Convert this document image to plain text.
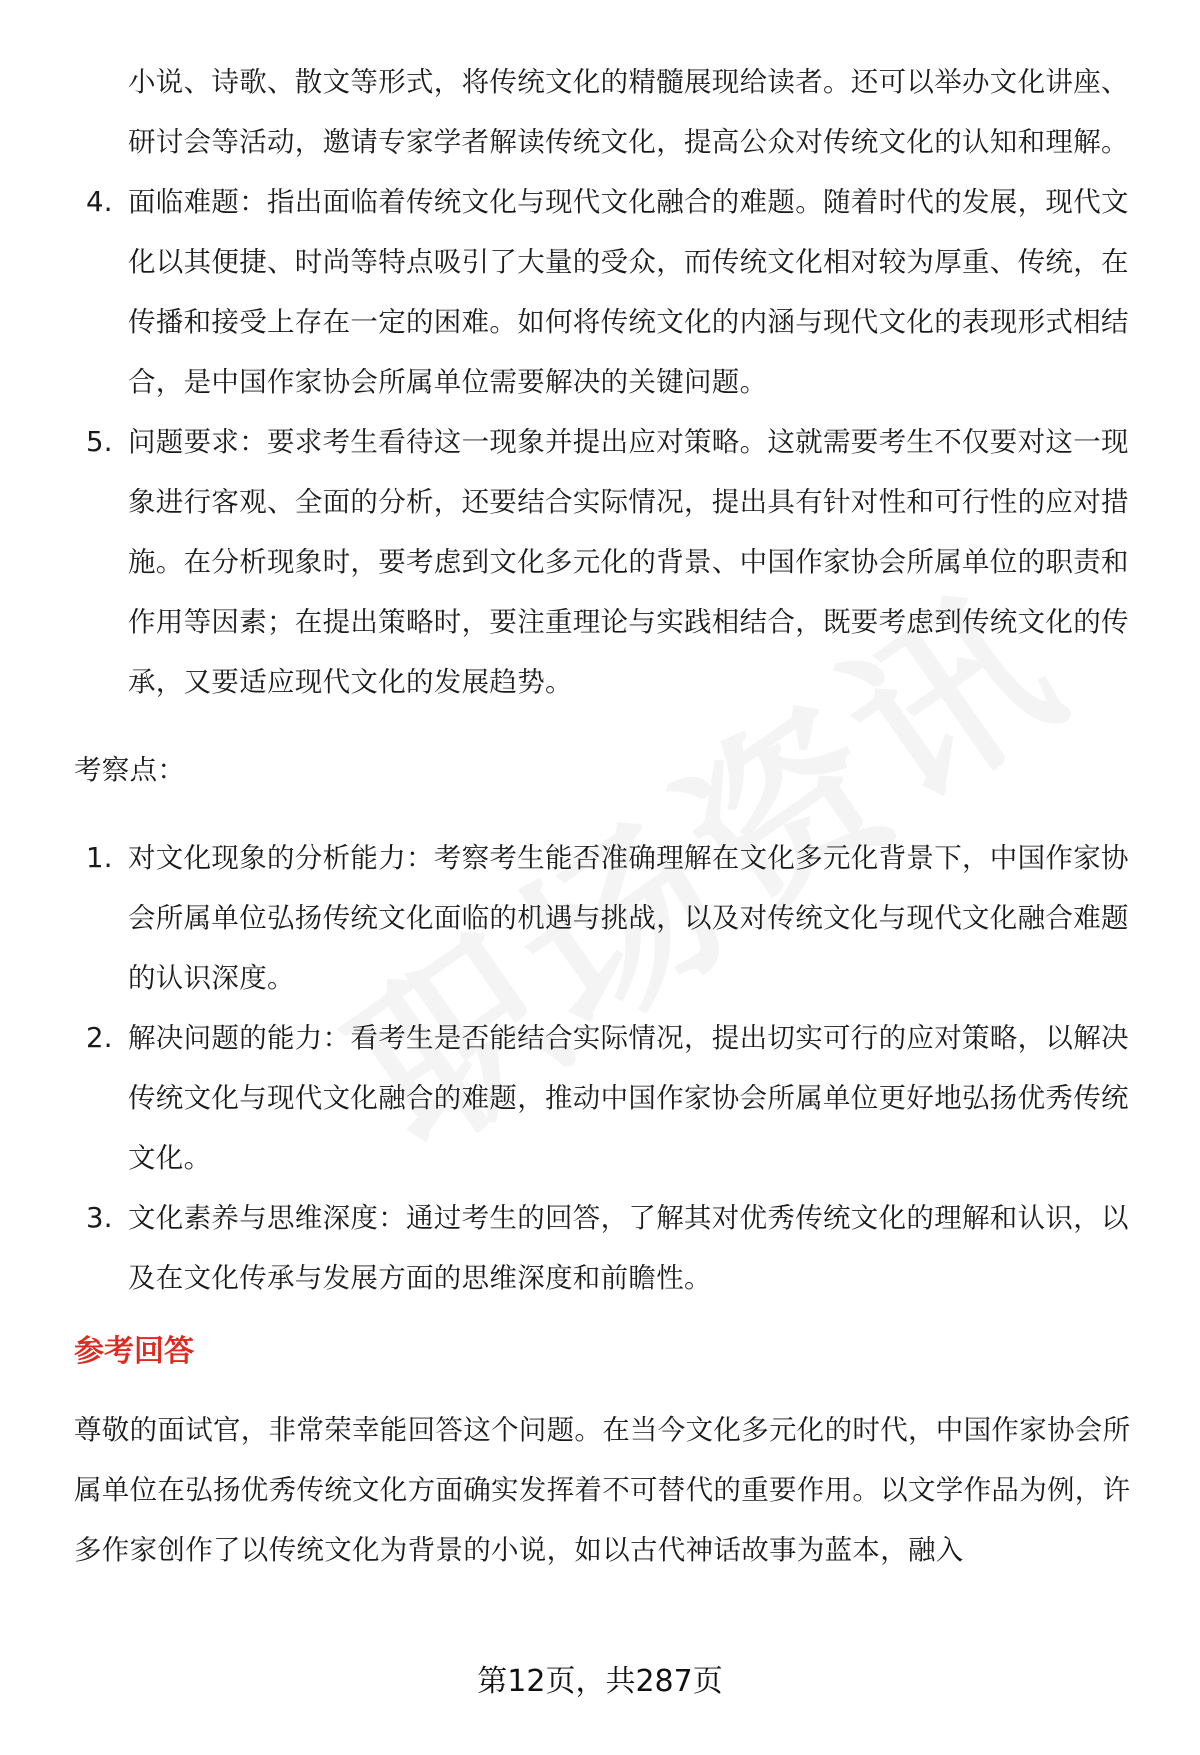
小说、诗歌、散文等形式，将传统文化的精髓展现给读者。还可以举办文化讲座、研讨会等活动，邀请专家学者解读传统文化，提高公众对传统文化的认知和理解。
4. 面临难题：指出面临着传统文化与现代文化融合的难题。随着时代的发展，现代文化以其便捷、时尚等特点吸引了大量的受众，而传统文化相对较为厚重、传统，在传播和接受上存在一定的困难。如何将传统文化的内涵与现代文化的表现形式相结合，是中国作家协会所属单位需要解决的关键问题。
5. 问题要求：要求考生看待这一现象并提出应对策略。这就需要考生不仅要对这一现象进行客观、全面的分析，还要结合实际情况，提出具有针对性和可行性的应对措施。在分析现象时，要考虑到文化多元化的背景、中国作家协会所属单位的职责和作用等因素；在提出策略时，要注重理论与实践相结合，既要考虑到传统文化的传承，又要适应现代文化的发展趋势。
考察点：
1. 对文化现象的分析能力：考察考生能否准确理解在文化多元化背景下，中国作家协会所属单位弘扬传统文化面临的机遇与挑战，以及对传统文化与现代文化融合难题的认识深度。
2. 解决问题的能力：看考生是否能结合实际情况，提出切实可行的应对策略，以解决传统文化与现代文化融合的难题，推动中国作家协会所属单位更好地弘扬优秀传统文化。
3. 文化素养与思维深度：通过考生的回答，了解其对优秀传统文化的理解和认识，以及在文化传承与发展方面的思维深度和前瞻性。
参考回答
尊敬的面试官，非常荣幸能回答这个问题。在当今文化多元化的时代，中国作家协会所属单位在弘扬优秀传统文化方面确实发挥着不可替代的重要作用。以文学作品为例，许多作家创作了以传统文化为背景的小说，如以古代神话故事为蓝本，融入
第12页，共287页
